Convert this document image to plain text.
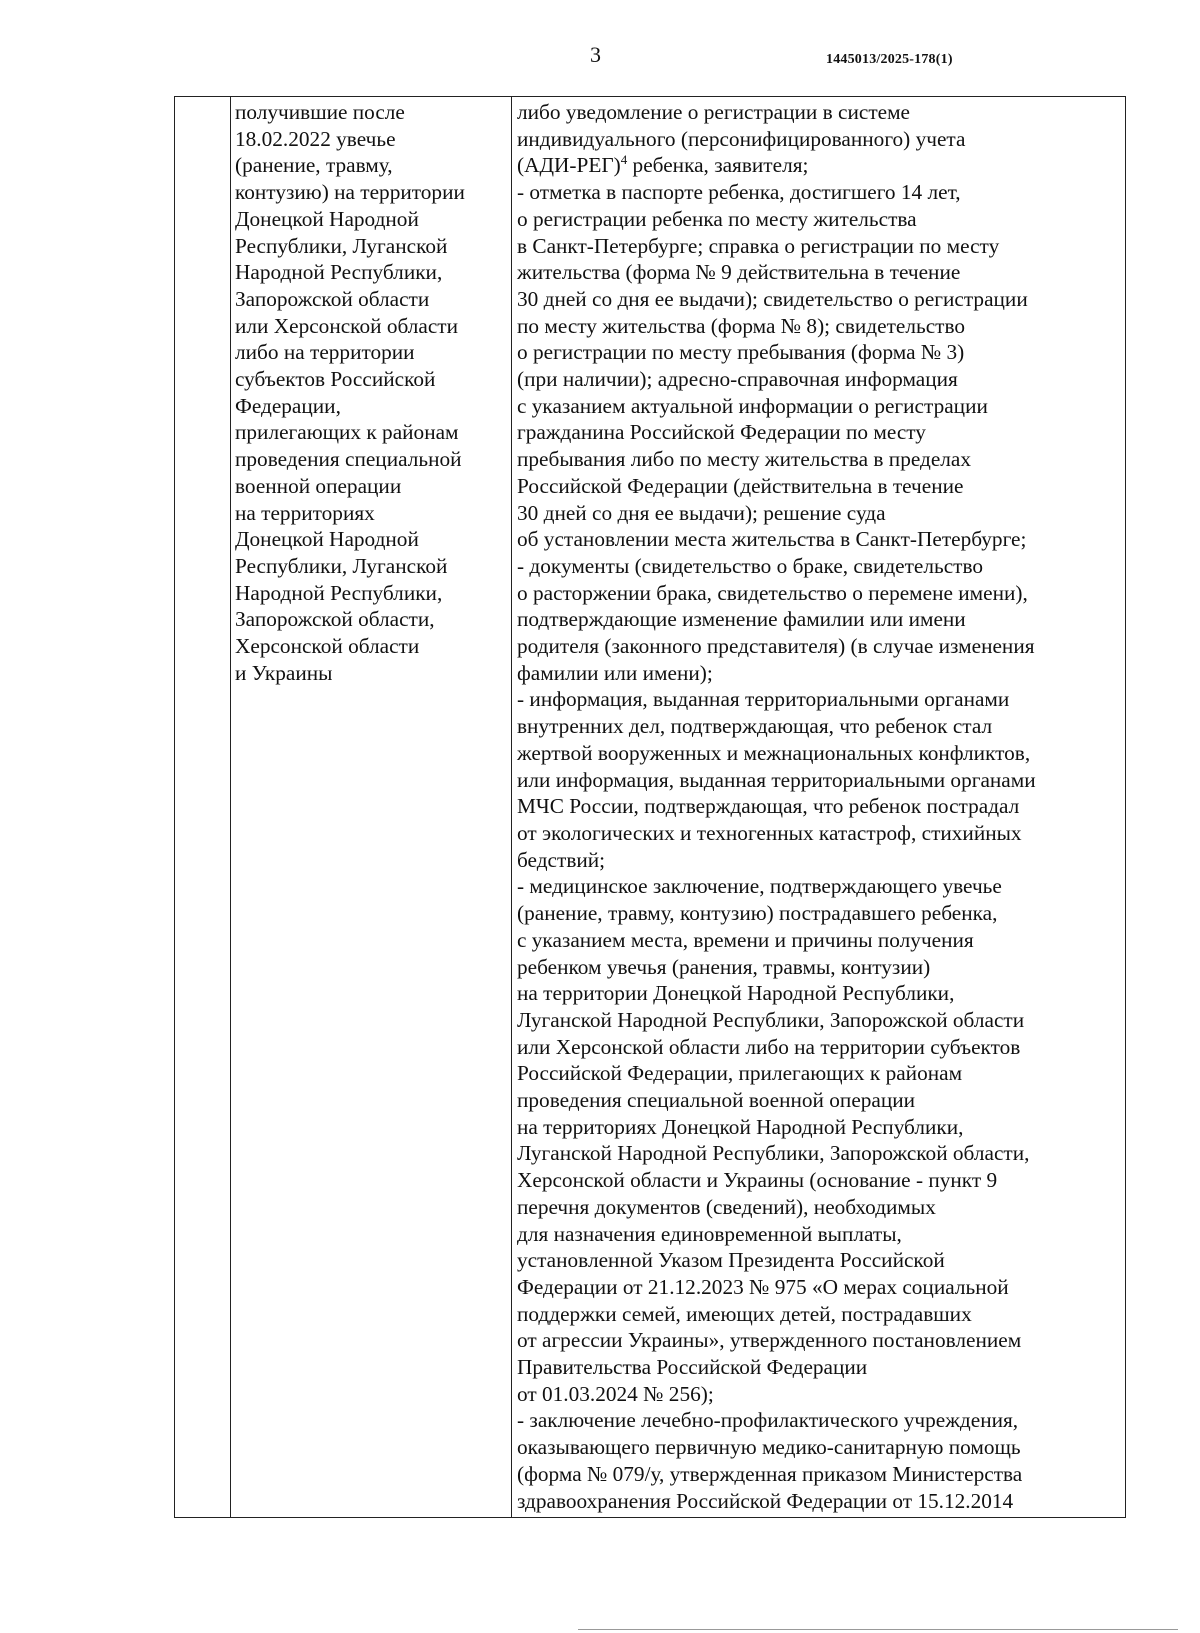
3	1445013/2025-178(1)
получившие после
18.02.2022 увечье
(ранение, травму,
контузию) на территории
Донецкой Народной
Республики, Луганской
Народной Республики,
Запорожской области
или Херсонской области
либо на территории
субъектов Российской
Федерации,
прилегающих к районам
проведения специальной
военной операции
на территориях
Донецкой Народной
Республики, Луганской
Народной Республики,
Запорожской области,
Херсонской области
и Украины
либо уведомление о регистрации в системе
индивидуального (персонифицированного) учета
$(АДИ-РЕГ)^4$ ребенка, заявителя;
- отметка в паспорте ребенка, достигшего 14 лет,
о регистрации ребенка по месту жительства
в Санкт-Петербурге; справка о регистрации по месту
жительства (форма № 9 действительна в течение
30 дней со дня ее выдачи); свидетельство о регистрации
по месту жительства (форма № 8); свидетельство
о регистрации по месту пребывания (форма № 3)
(при наличии); адресно-справочная информация
с указанием актуальной информации о регистрации
гражданина Российской Федерации по месту
пребывания либо по месту жительства в пределах
Российской Федерации (действительна в течение
30 дней со дня ее выдачи); решение суда
об установлении места жительства в Санкт-Петербурге;
- документы (свидетельство о браке, свидетельство
о расторжении брака, свидетельство о перемене имени),
подтверждающие изменение фамилии или имени
родителя (законного представителя) (в случае изменения
фамилии или имени);
- информация, выданная территориальными органами
внутренних дел, подтверждающая, что ребенок стал
жертвой вооруженных и межнациональных конфликтов,
или информация, выданная территориальными органами
МЧС России, подтверждающая, что ребенок пострадал
от экологических и техногенных катастроф, стихийных
бедствий;
- медицинское заключение, подтверждающего увечье
(ранение, травму, контузию) пострадавшего ребенка,
с указанием места, времени и причины получения
ребенком увечья (ранения, травмы, контузии)
на территории Донецкой Народной Республики,
Луганской Народной Республики, Запорожской области
или Херсонской области либо на территории субъектов
Российской Федерации, прилегающих к районам
проведения специальной военной операции
на территориях Донецкой Народной Республики,
Луганской Народной Республики, Запорожской области,
Херсонской области и Украины (основание - пункт 9
перечня документов (сведений), необходимых
для назначения единовременной выплаты,
установленной Указом Президента Российской
Федерации от 21.12.2023 № 975 «О мерах социальной
поддержки семей, имеющих детей, пострадавших
от агрессии Украины», утвержденного постановлением
Правительства Российской Федерации
от 01.03.2024 № 256);
- заключение лечебно-профилактического учреждения,
оказывающего первичную медико-санитарную помощь
(форма № 079/у, утвержденная приказом Министерства
здравоохранения Российской Федерации от 15.12.2014
